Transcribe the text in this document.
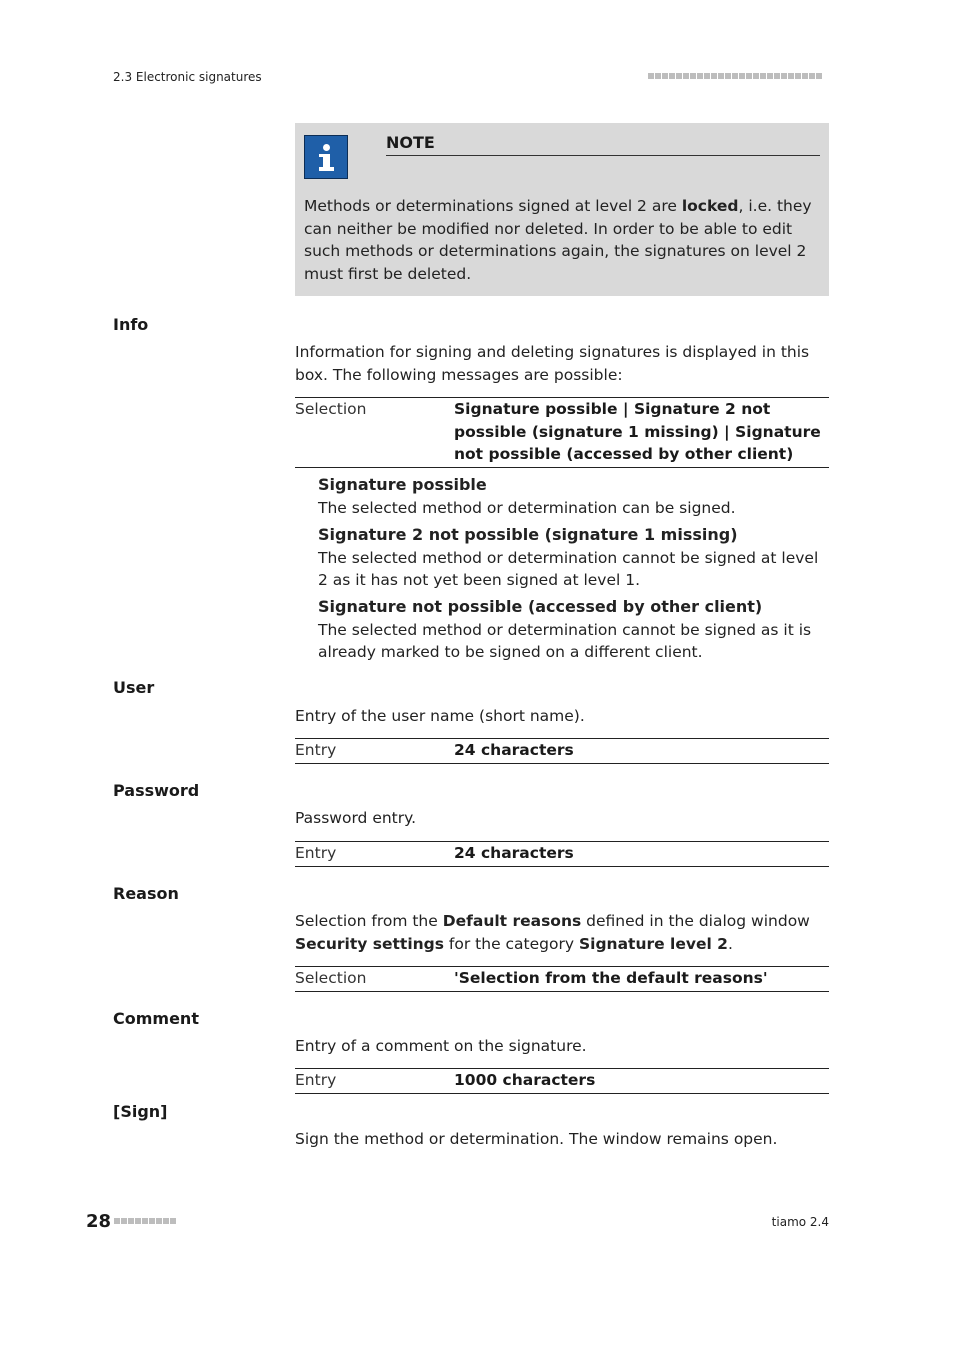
2.3 Electronic signatures
NOTE
Methods or determinations signed at level 2 are locked, i.e. they can neither be modified nor deleted. In order to be able to edit such methods or determinations again, the signatures on level 2 must first be deleted.
Info
Information for signing and deleting signatures is displayed in this box. The following messages are possible:
Selection	Signature possible | Signature 2 not possible (signature 1 missing) | Signature not possible (accessed by other client)
Signature possible
The selected method or determination can be signed.
Signature 2 not possible (signature 1 missing)
The selected method or determination cannot be signed at level 2 as it has not yet been signed at level 1.
Signature not possible (accessed by other client)
The selected method or determination cannot be signed as it is already marked to be signed on a different client.
User
Entry of the user name (short name).
Entry	24 characters
Password
Password entry.
Entry	24 characters
Reason
Selection from the Default reasons defined in the dialog window Security settings for the category Signature level 2.
Selection	'Selection from the default reasons'
Comment
Entry of a comment on the signature.
Entry	1000 characters
[Sign]
Sign the method or determination. The window remains open.
28	tiamo 2.4
